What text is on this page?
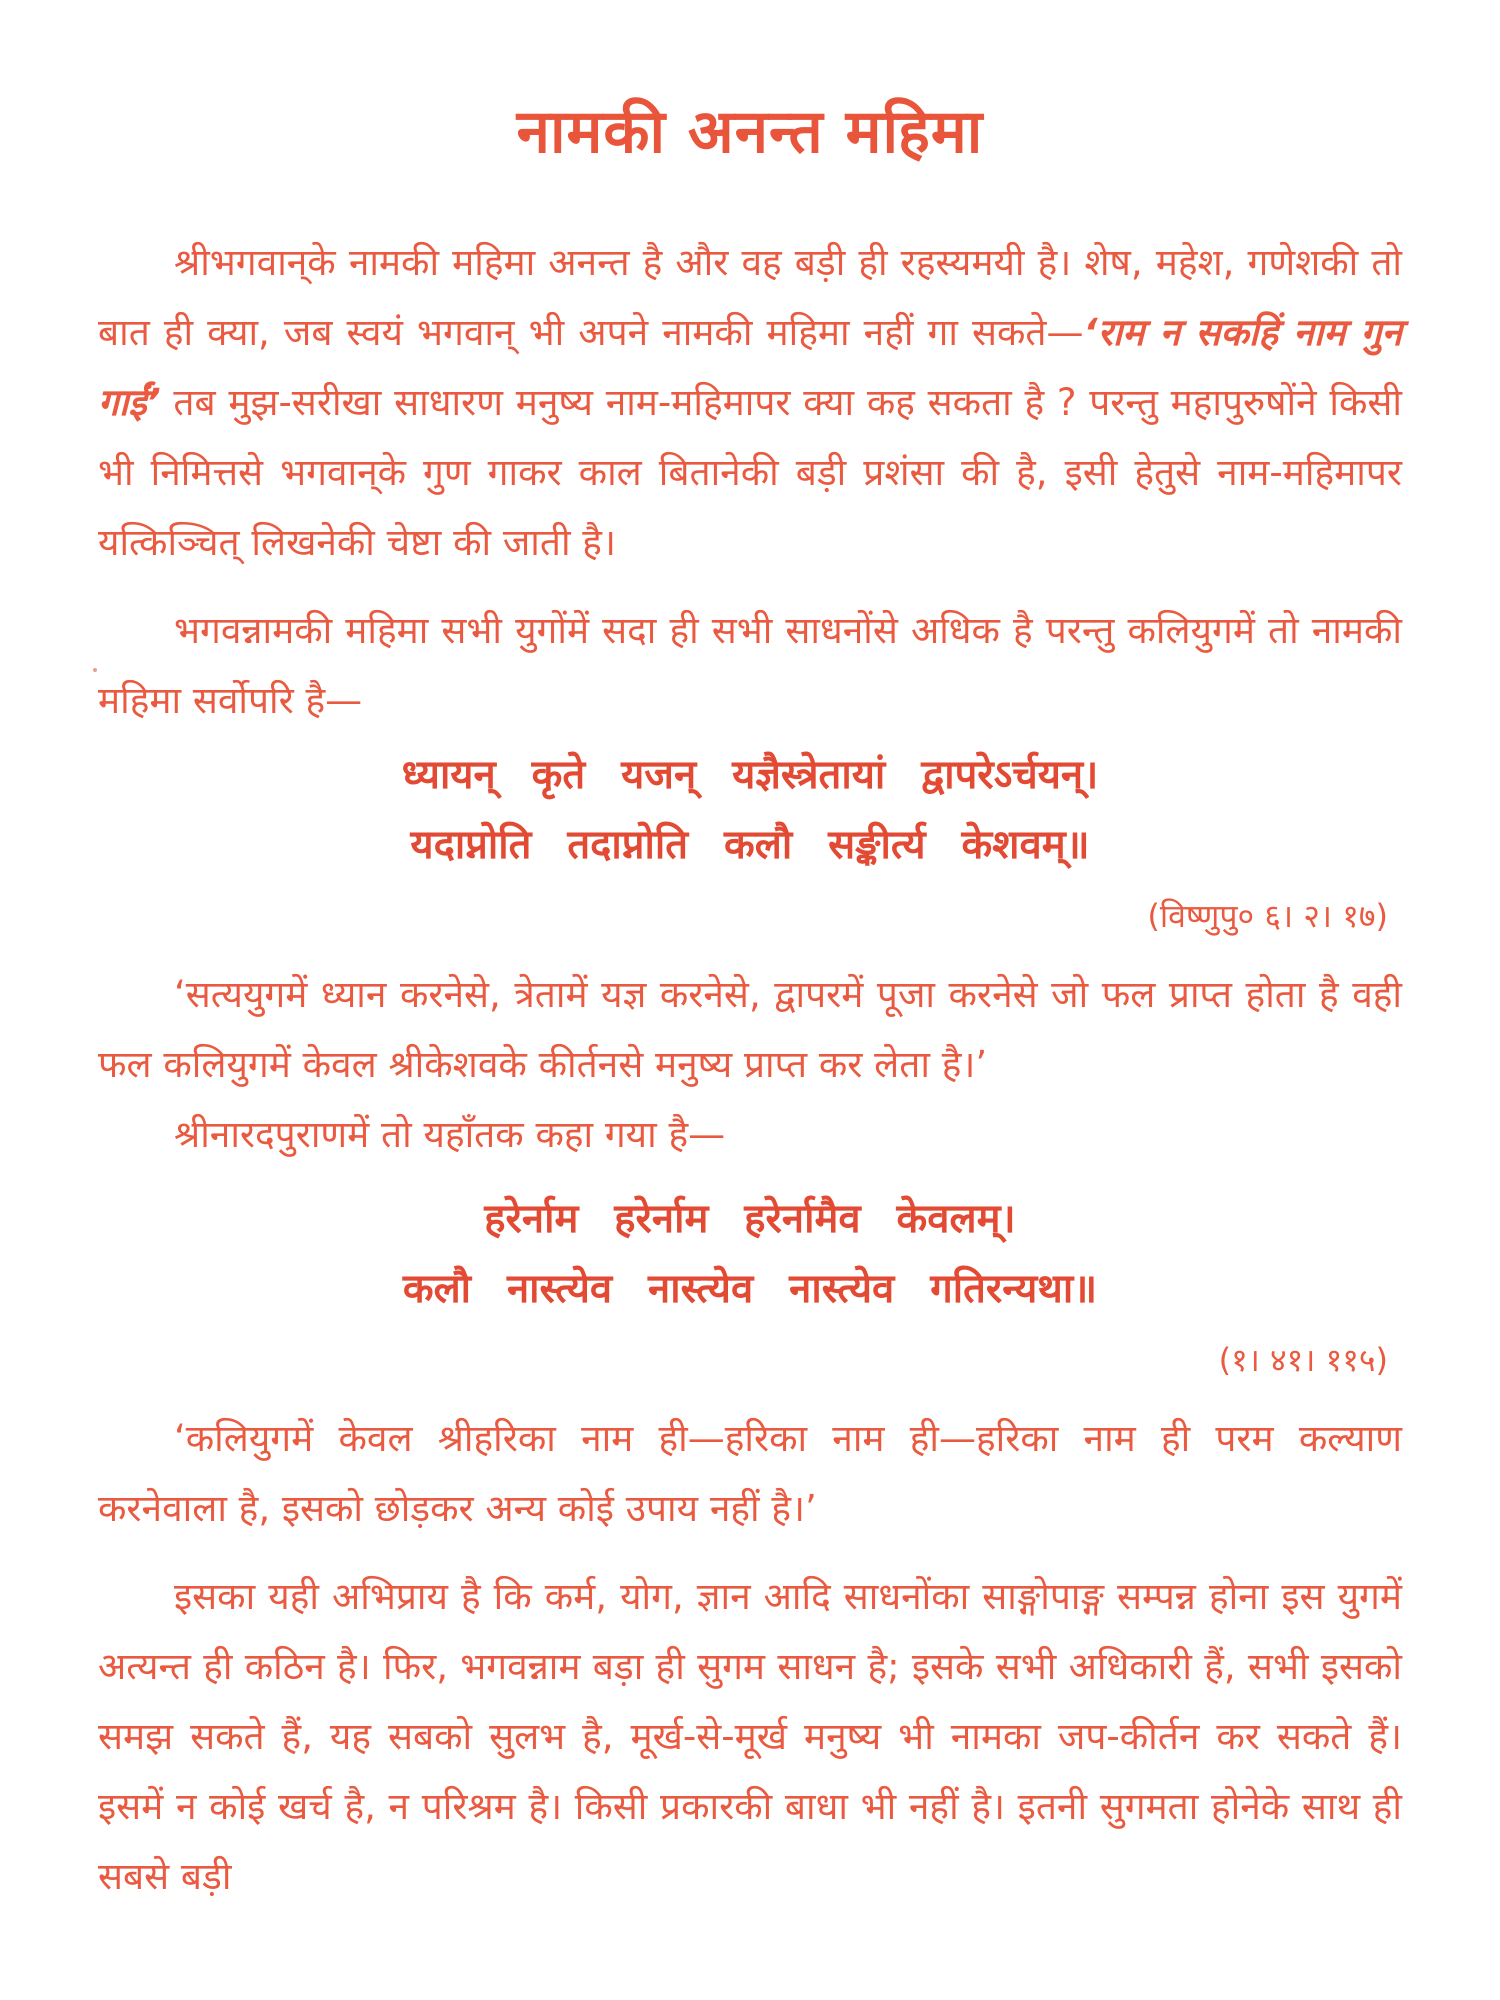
नामकी अनन्त महिमा

श्रीभगवान्‌के नामकी महिमा अनन्त है और वह बड़ी ही रहस्यमयी है। शेष, महेश, गणेशकी तो बात ही क्या, जब स्वयं भगवान् भी अपने नामकी महिमा नहीं गा सकते—‘राम न सकहिं नाम गुन गाईं’ तब मुझ-सरीखा साधारण मनुष्य नाम-महिमापर क्या कह सकता है ? परन्तु महापुरुषोंने किसी भी निमित्तसे भगवान्‌के गुण गाकर काल बितानेकी बड़ी प्रशंसा की है, इसी हेतुसे नाम-महिमापर यत्किञ्चित् लिखनेकी चेष्टा की जाती है।

भगवन्नामकी महिमा सभी युगोंमें सदा ही सभी साधनोंसे अधिक है परन्तु कलियुगमें तो नामकी महिमा सर्वोपरि है—

ध्यायन् कृते यजन् यज्ञैस्त्रेतायां द्वापरेऽर्चयन्।
यदाप्नोति तदाप्नोति कलौ सङ्कीर्त्य केशवम्॥
(विष्णुपु० ६। २। १७)

‘सत्ययुगमें ध्यान करनेसे, त्रेतामें यज्ञ करनेसे, द्वापरमें पूजा करनेसे जो फल प्राप्त होता है वही फल कलियुगमें केवल श्रीकेशवके कीर्तनसे मनुष्य प्राप्त कर लेता है।’

श्रीनारदपुराणमें तो यहाँतक कहा गया है—

हरेर्नाम हरेर्नाम हरेर्नामैव केवलम्।
कलौ नास्त्येव नास्त्येव नास्त्येव गतिरन्यथा॥
(१। ४१। ११५)

‘कलियुगमें केवल श्रीहरिका नाम ही—हरिका नाम ही—हरिका नाम ही परम कल्याण करनेवाला है, इसको छोड़कर अन्य कोई उपाय नहीं है।’

इसका यही अभिप्राय है कि कर्म, योग, ज्ञान आदि साधनोंका साङ्गोपाङ्ग सम्पन्न होना इस युगमें अत्यन्त ही कठिन है। फिर, भगवन्नाम बड़ा ही सुगम साधन है; इसके सभी अधिकारी हैं, सभी इसको समझ सकते हैं, यह सबको सुलभ है, मूर्ख-से-मूर्ख मनुष्य भी नामका जप-कीर्तन कर सकते हैं। इसमें न कोई खर्च है, न परिश्रम है। किसी प्रकारकी बाधा भी नहीं है। इतनी सुगमता होनेके साथ ही सबसे बड़ी
